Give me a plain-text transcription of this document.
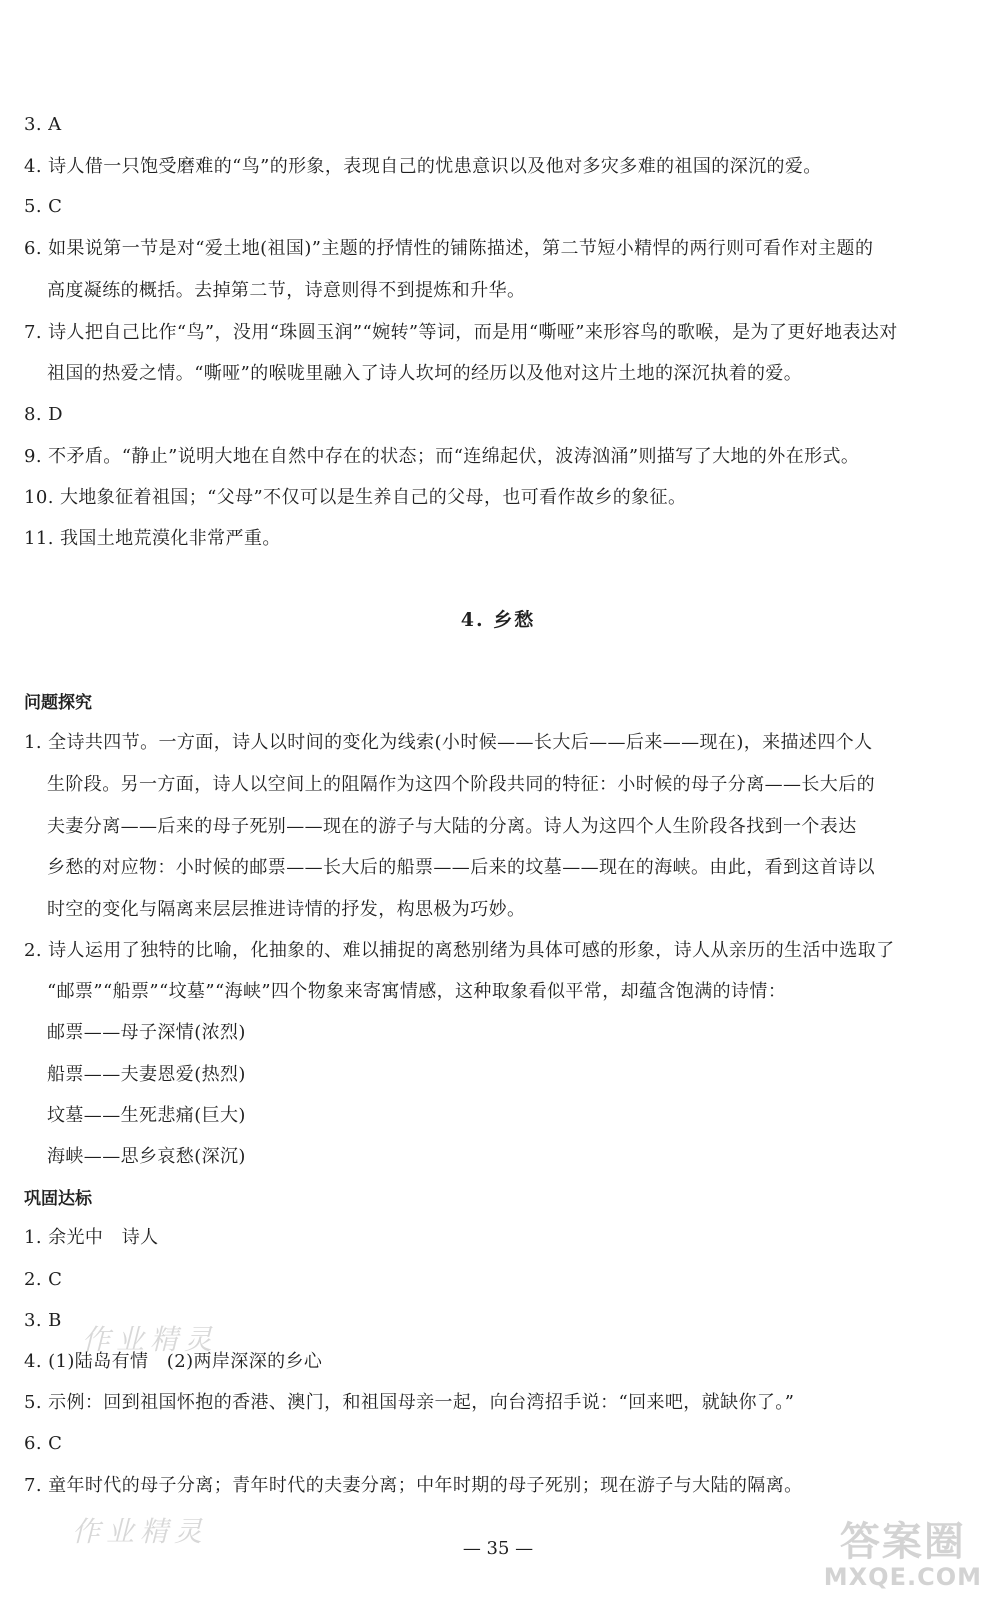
3. A
4. 诗人借一只饱受磨难的“鸟”的形象，表现自己的忧患意识以及他对多灾多难的祖国的深沉的爱。
5. C
6. 如果说第一节是对“爱土地(祖国)”主题的抒情性的铺陈描述，第二节短小精悍的两行则可看作对主题的
高度凝练的概括。去掉第二节，诗意则得不到提炼和升华。
7. 诗人把自己比作“鸟”，没用“珠圆玉润”“婉转”等词，而是用“嘶哑”来形容鸟的歌喉，是为了更好地表达对
祖国的热爱之情。“嘶哑”的喉咙里融入了诗人坎坷的经历以及他对这片土地的深沉执着的爱。
8. D
9. 不矛盾。“静止”说明大地在自然中存在的状态；而“连绵起伏，波涛汹涌”则描写了大地的外在形式。
10. 大地象征着祖国；“父母”不仅可以是生养自己的父母，也可看作故乡的象征。
11. 我国土地荒漠化非常严重。
4. 乡愁
问题探究
1. 全诗共四节。一方面，诗人以时间的变化为线索(小时候——长大后——后来——现在)，来描述四个人
生阶段。另一方面，诗人以空间上的阻隔作为这四个阶段共同的特征：小时候的母子分离——长大后的
夫妻分离——后来的母子死别——现在的游子与大陆的分离。诗人为这四个人生阶段各找到一个表达
乡愁的对应物：小时候的邮票——长大后的船票——后来的坟墓——现在的海峡。由此，看到这首诗以
时空的变化与隔离来层层推进诗情的抒发，构思极为巧妙。
2. 诗人运用了独特的比喻，化抽象的、难以捕捉的离愁别绪为具体可感的形象，诗人从亲历的生活中选取了
“邮票”“船票”“坟墓”“海峡”四个物象来寄寓情感，这种取象看似平常，却蕴含饱满的诗情：
邮票——母子深情(浓烈)
船票——夫妻恩爱(热烈)
坟墓——生死悲痛(巨大)
海峡——思乡哀愁(深沉)
巩固达标
1. 余光中　诗人
2. C
3. B
4. (1)陆岛有情　(2)两岸深深的乡心
5. 示例：回到祖国怀抱的香港、澳门，和祖国母亲一起，向台湾招手说：“回来吧，就缺你了。”
6. C
7. 童年时代的母子分离；青年时代的夫妻分离；中年时期的母子死别；现在游子与大陆的隔离。
— 35 —
作业精灵
作业精灵	答案圈
MXQE.COM
